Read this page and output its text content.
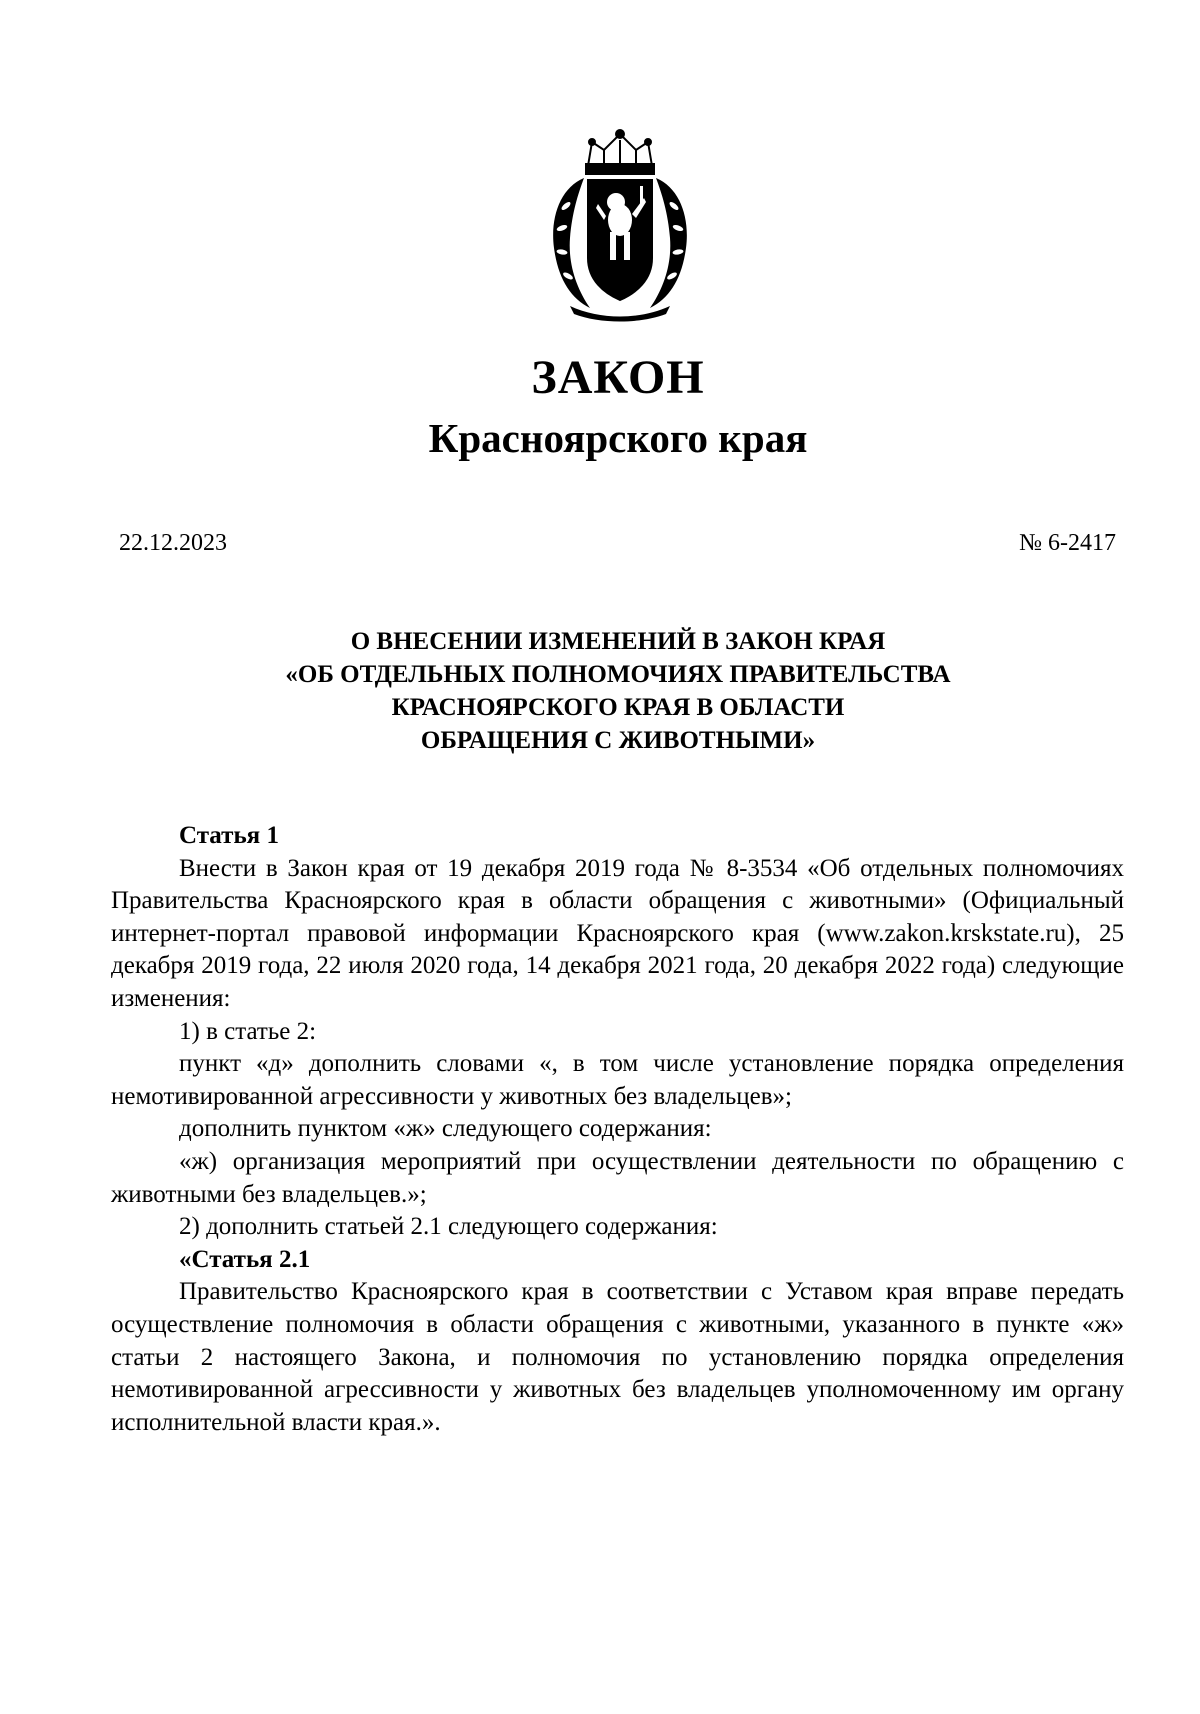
ЗАКОН
Красноярского края
22.12.2023	№ 6-2417
О ВНЕСЕНИИ ИЗМЕНЕНИЙ В ЗАКОН КРАЯ
«ОБ ОТДЕЛЬНЫХ ПОЛНОМОЧИЯХ ПРАВИТЕЛЬСТВА
КРАСНОЯРСКОГО КРАЯ В ОБЛАСТИ
ОБРАЩЕНИЯ С ЖИВОТНЫМИ»

Статья 1

Внести в Закон края от 19 декабря 2019 года № 8-3534 «Об отдельных полномочиях Правительства Красноярского края в области обращения с животными» (Официальный интернет-портал правовой информации Красноярского края (www.zakon.krskstate.ru), 25 декабря 2019 года, 22 июля 2020 года, 14 декабря 2021 года, 20 декабря 2022 года) следующие изменения:

1) в статье 2:

пункт «д» дополнить словами «, в том числе установление порядка определения немотивированной агрессивности у животных без владельцев»;

дополнить пунктом «ж» следующего содержания:

«ж) организация мероприятий при осуществлении деятельности по обращению с животными без владельцев.»;

2) дополнить статьей 2.1 следующего содержания:

«Статья 2.1

Правительство Красноярского края в соответствии с Уставом края вправе передать осуществление полномочия в области обращения с животными, указанного в пункте «ж» статьи 2 настоящего Закона, и полномочия по установлению порядка определения немотивированной агрессивности у животных без владельцев уполномоченному им органу исполнительной власти края.».
